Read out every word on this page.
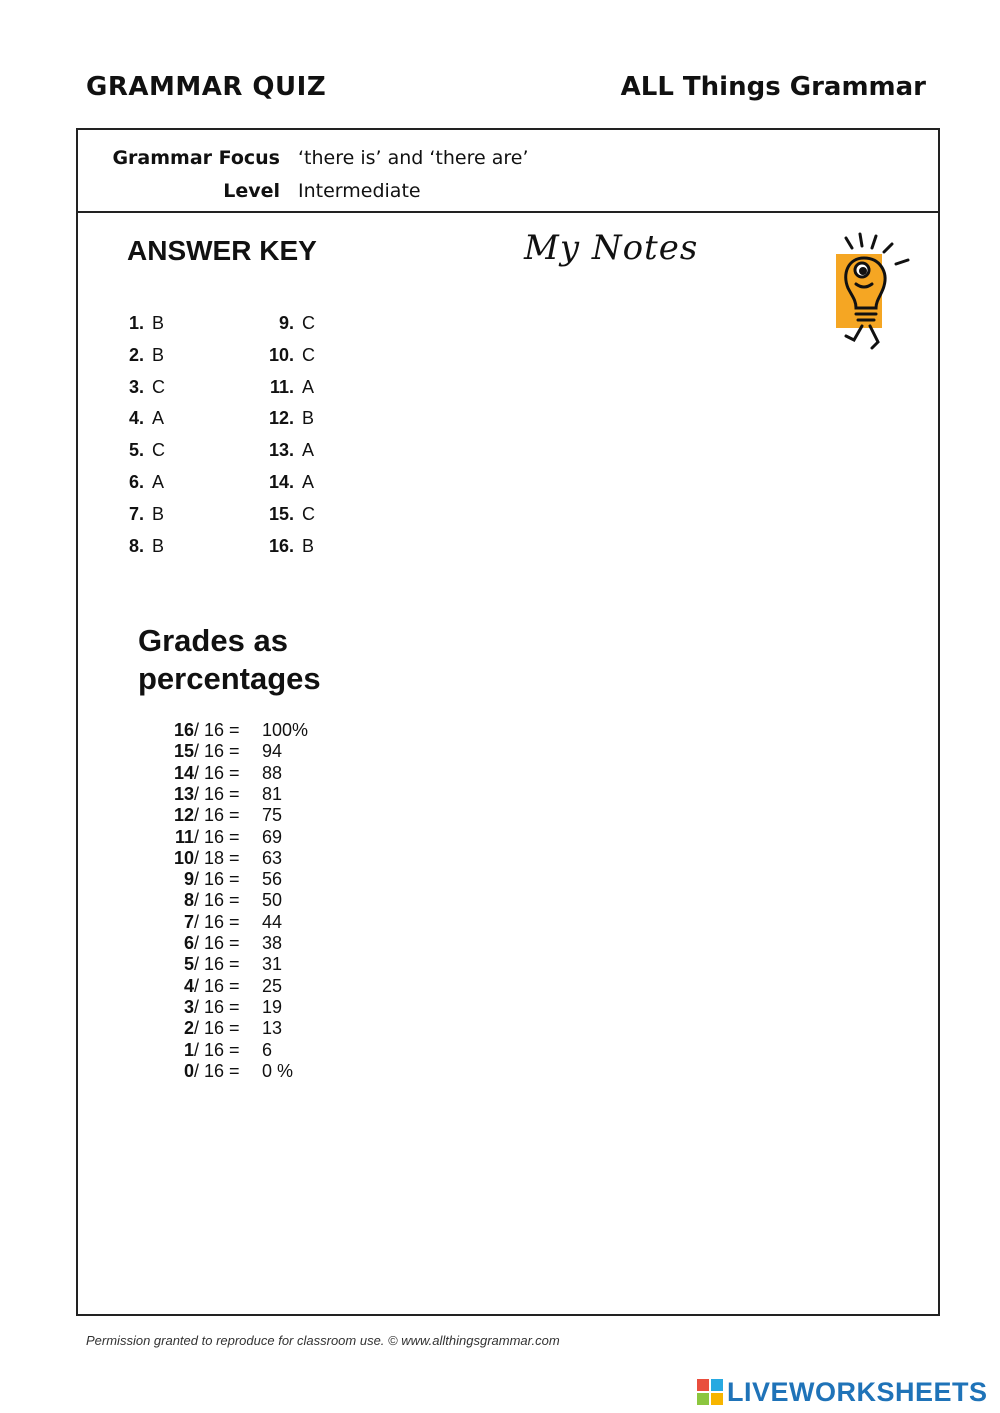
GRAMMAR QUIZ	ALL Things Grammar
Grammar Focus ‘there is’ and ‘there are’
Level Intermediate
ANSWER KEY	My Notes
1. B
2. B
3. C
4. A
5. C
6. A
7. B
8. B
9. C
10. C
11. A
12. B
13. A
14. A
15. C
16. B
Grades as percentages
16/ 16 = 100%
15/ 16 = 94
14/ 16 = 88
13/ 16 = 81
12/ 16 = 75
11/ 16 = 69
10/ 18 = 63
9/ 16 = 56
8/ 16 = 50
7/ 16 = 44
6/ 16 = 38
5/ 16 = 31
4/ 16 = 25
3/ 16 = 19
2/ 16 = 13
1/ 16 = 6
0/ 16 = 0 %
Permission granted to reproduce for classroom use. © www.allthingsgrammar.com
LIVEWORKSHEETS
